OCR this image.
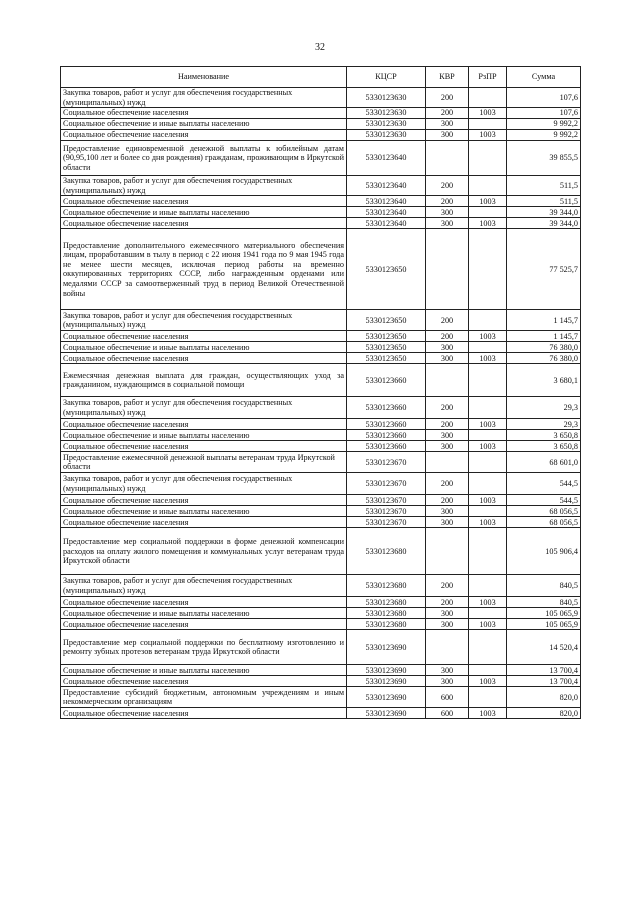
32
Наименование	КЦСР	КВР	РзПР	Сумма
Закупка товаров, работ и услуг для обеспечения государственных (муниципальных) нужд	5330123630	200		107,6
Социальное обеспечение населения	5330123630	200	1003	107,6
Социальное обеспечение и иные выплаты населению	5330123630	300		9 992,2
Социальное обеспечение населения	5330123630	300	1003	9 992,2
Предоставление единовременной денежной выплаты к юбилейным датам (90,95,100 лет и более со дня рождения) гражданам, проживающим в Иркутской области	5330123640			39 855,5
Закупка товаров, работ и услуг для обеспечения государственных (муниципальных) нужд	5330123640	200		511,5
Социальное обеспечение населения	5330123640	200	1003	511,5
Социальное обеспечение и иные выплаты населению	5330123640	300		39 344,0
Социальное обеспечение населения	5330123640	300	1003	39 344,0
Предоставление дополнительного ежемесячного материального обеспечения лицам, проработавшим в тылу в период с 22 июня 1941 года по 9 мая 1945 года не менее шести месяцев, исключая период работы на временно оккупированных территориях СССР, либо награжденным орденами или медалями СССР за самоотверженный труд в период Великой Отечественной войны	5330123650			77 525,7
Закупка товаров, работ и услуг для обеспечения государственных (муниципальных) нужд	5330123650	200		1 145,7
Социальное обеспечение населения	5330123650	200	1003	1 145,7
Социальное обеспечение и иные выплаты населению	5330123650	300		76 380,0
Социальное обеспечение населения	5330123650	300	1003	76 380,0
Ежемесячная денежная выплата для граждан, осуществляющих уход за гражданином, нуждающимся в социальной помощи	5330123660			3 680,1
Закупка товаров, работ и услуг для обеспечения государственных (муниципальных) нужд	5330123660	200		29,3
Социальное обеспечение населения	5330123660	200	1003	29,3
Социальное обеспечение и иные выплаты населению	5330123660	300		3 650,8
Социальное обеспечение населения	5330123660	300	1003	3 650,8
Предоставление ежемесячной денежной выплаты ветеранам труда Иркутской области	5330123670			68 601,0
Закупка товаров, работ и услуг для обеспечения государственных (муниципальных) нужд	5330123670	200		544,5
Социальное обеспечение населения	5330123670	200	1003	544,5
Социальное обеспечение и иные выплаты населению	5330123670	300		68 056,5
Социальное обеспечение населения	5330123670	300	1003	68 056,5
Предоставление мер социальной поддержки в форме денежной компенсации расходов на оплату жилого помещения и коммунальных услуг ветеранам труда Иркутской области	5330123680			105 906,4
Закупка товаров, работ и услуг для обеспечения государственных (муниципальных) нужд	5330123680	200		840,5
Социальное обеспечение населения	5330123680	200	1003	840,5
Социальное обеспечение и иные выплаты населению	5330123680	300		105 065,9
Социальное обеспечение населения	5330123680	300	1003	105 065,9
Предоставление мер социальной поддержки по бесплатному изготовлению и ремонту зубных протезов ветеранам труда Иркутской области	5330123690			14 520,4
Социальное обеспечение и иные выплаты населению	5330123690	300		13 700,4
Социальное обеспечение населения	5330123690	300	1003	13 700,4
Предоставление субсидий бюджетным, автономным учреждениям и иным некоммерческим организациям	5330123690	600		820,0
Социальное обеспечение населения	5330123690	600	1003	820,0
